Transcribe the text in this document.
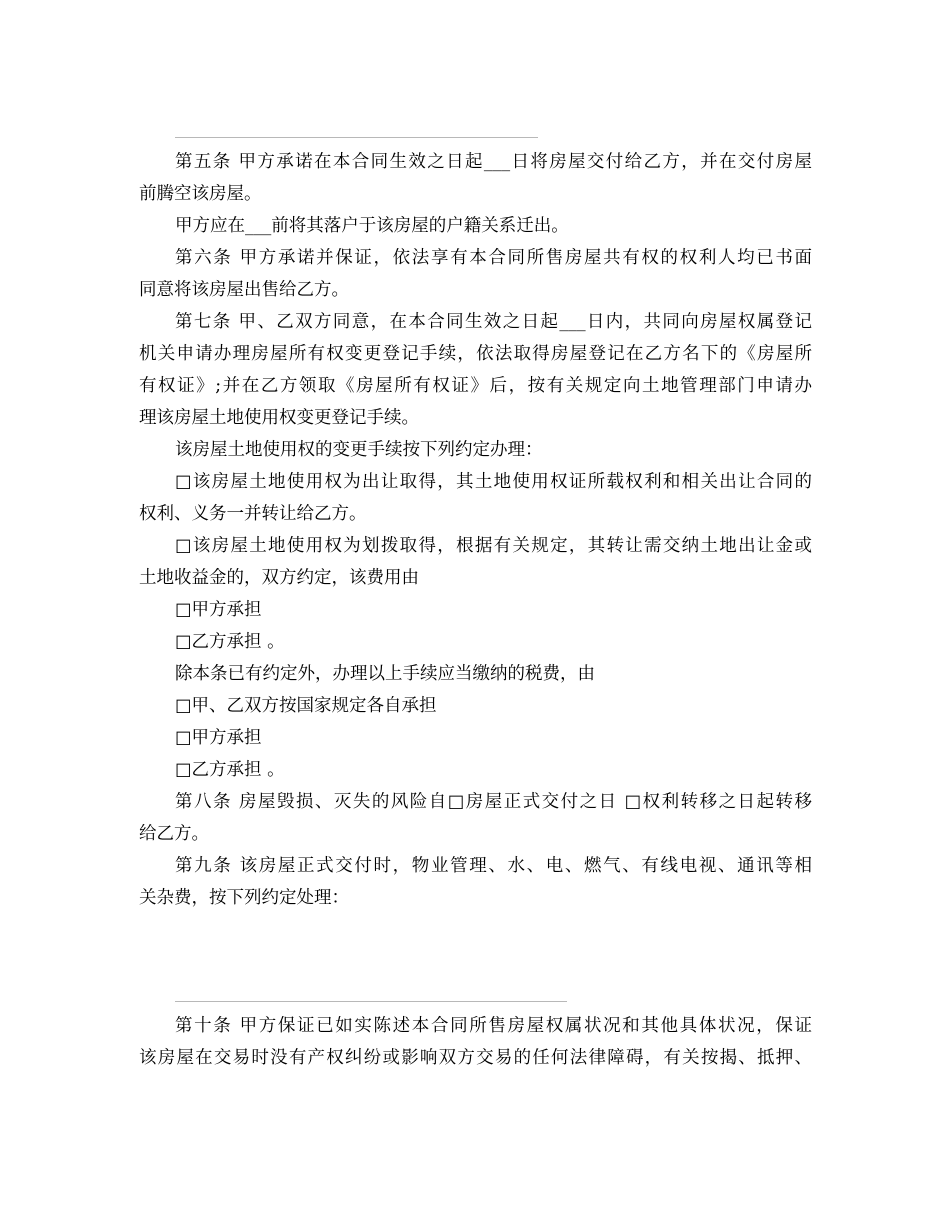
第五条 甲方承诺在本合同生效之日起___日将房屋交付给乙方，并在交付房屋
前腾空该房屋。
甲方应在___前将其落户于该房屋的户籍关系迁出。
第六条 甲方承诺并保证，依法享有本合同所售房屋共有权的权利人均已书面
同意将该房屋出售给乙方。
第七条 甲、乙双方同意，在本合同生效之日起___日内，共同向房屋权属登记
机关申请办理房屋所有权变更登记手续，依法取得房屋登记在乙方名下的《房屋所
有权证》;并在乙方领取《房屋所有权证》后，按有关规定向土地管理部门申请办
理该房屋土地使用权变更登记手续。
该房屋土地使用权的变更手续按下列约定办理：
□该房屋土地使用权为出让取得，其土地使用权证所载权利和相关出让合同的
权利、义务一并转让给乙方。
□该房屋土地使用权为划拨取得，根据有关规定，其转让需交纳土地出让金或
土地收益金的，双方约定，该费用由
□甲方承担
□乙方承担 。
除本条已有约定外，办理以上手续应当缴纳的税费，由
□甲、乙双方按国家规定各自承担
□甲方承担
□乙方承担 。
第八条 房屋毁损、灭失的风险自□房屋正式交付之日 □权利转移之日起转移
给乙方。
第九条 该房屋正式交付时，物业管理、水、电、燃气、有线电视、通讯等相
关杂费，按下列约定处理：
第十条 甲方保证已如实陈述本合同所售房屋权属状况和其他具体状况，保证
该房屋在交易时没有产权纠纷或影响双方交易的任何法律障碍，有关按揭、抵押、
